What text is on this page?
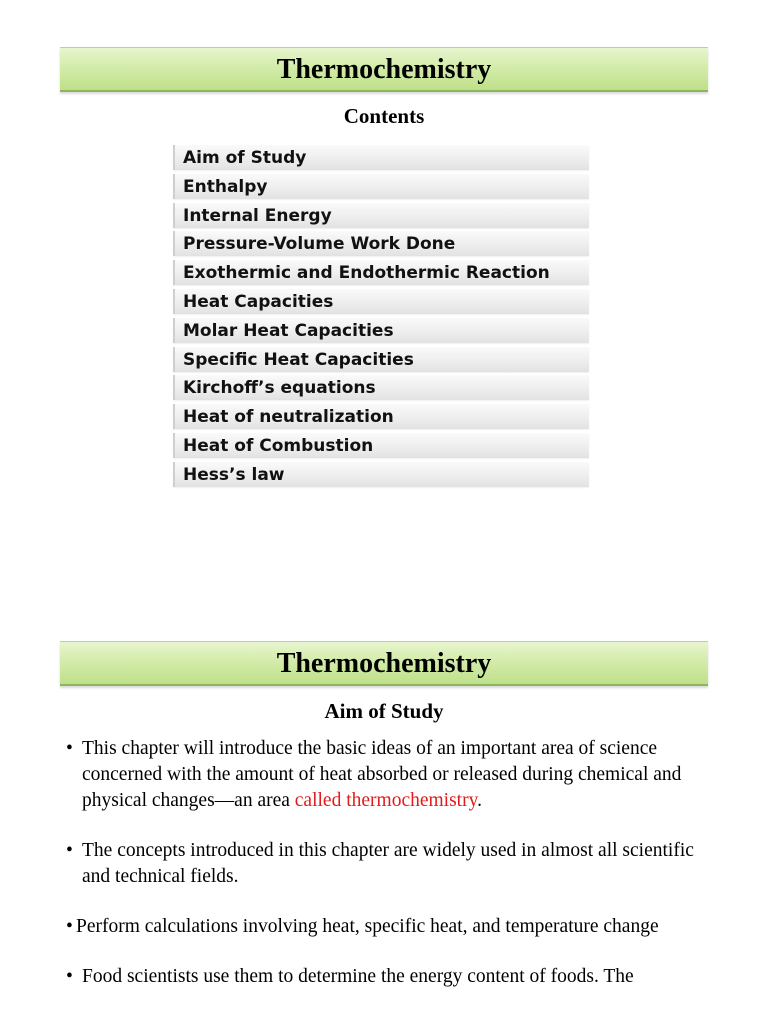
Thermochemistry
Contents
Aim of Study
Enthalpy
Internal Energy
Pressure-Volume Work Done
Exothermic and Endothermic Reaction
Heat Capacities
Molar Heat Capacities
Specific Heat Capacities
Kirchoff’s equations
Heat of neutralization
Heat of Combustion
Hess’s law
Thermochemistry
Aim of Study
• This chapter will introduce the basic ideas of an important area of science concerned with the amount of heat absorbed or released during chemical and physical changes—an area called thermochemistry.
• The concepts introduced in this chapter are widely used in almost all scientific and technical fields.
• Perform calculations involving heat, specific heat, and temperature change
• Food scientists use them to determine the energy content of foods. The
